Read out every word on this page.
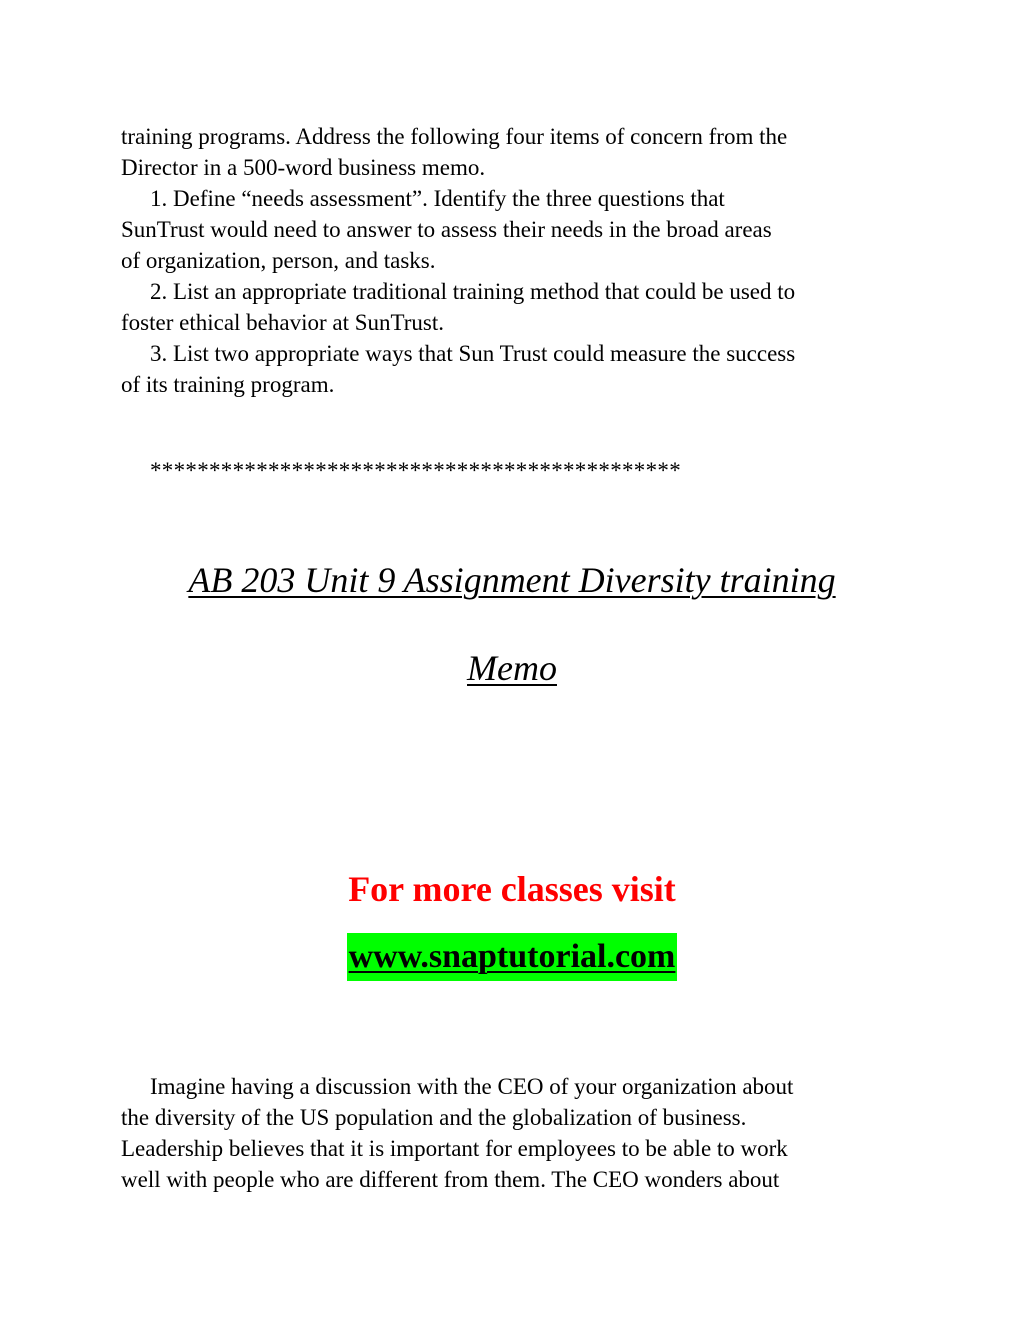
training programs. Address the following four items of concern from the
Director in a 500-word business memo.
1. Define “needs assessment”. Identify the three questions that
SunTrust would need to answer to assess their needs in the broad areas
of organization, person, and tasks.
2. List an appropriate traditional training method that could be used to
foster ethical behavior at SunTrust.
3. List two appropriate ways that Sun Trust could measure the success
of its training program.
*********************************************
AB 203 Unit 9 Assignment Diversity training
Memo
For more classes visit
www.snaptutorial.com
Imagine having a discussion with the CEO of your organization about
the diversity of the US population and the globalization of business.
Leadership believes that it is important for employees to be able to work
well with people who are different from them. The CEO wonders about
